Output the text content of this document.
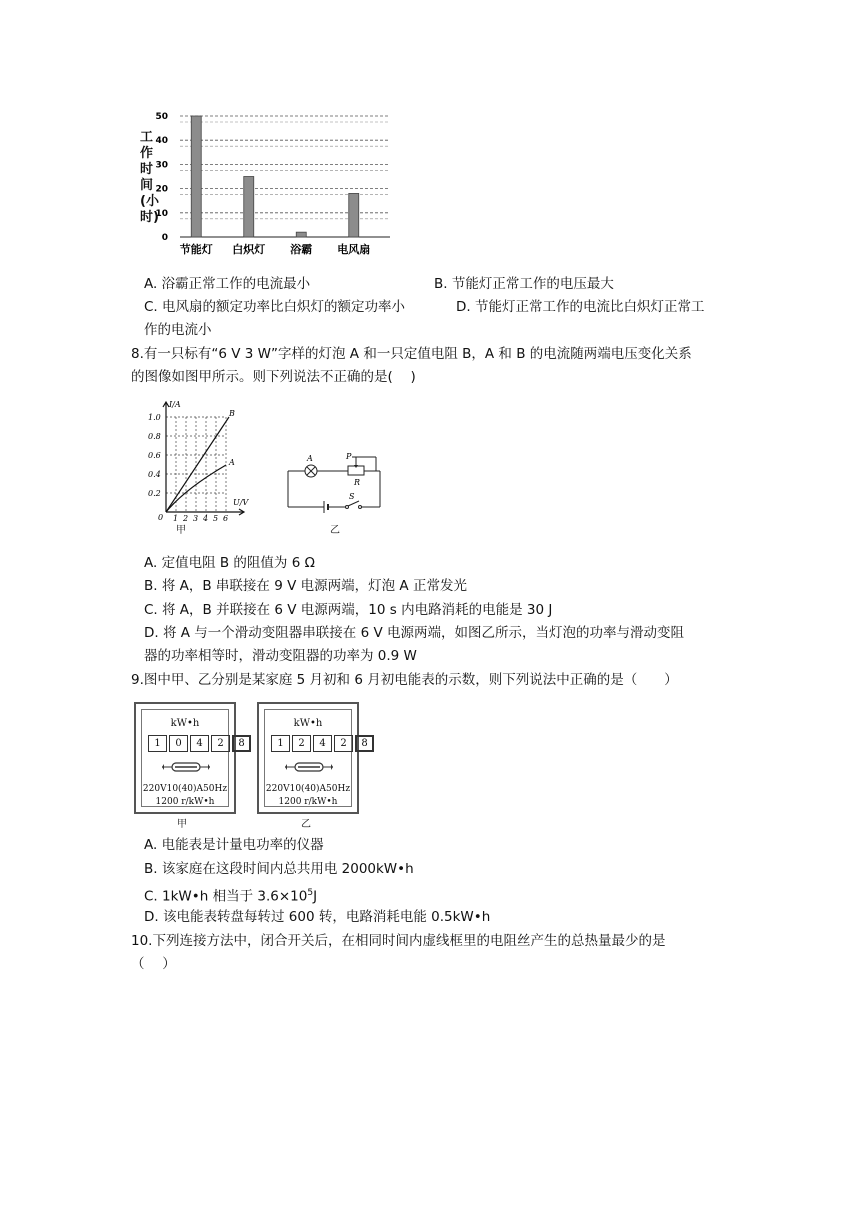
0
10
20
30
40
50
节能灯 白炽灯 浴霸 电风扇
工作时间(小时)
A. 浴霸正常工作的电流最小	B. 节能灯正常工作的电压最大
C. 电风扇的额定功率比白炽灯的额定功率小	D. 节能灯正常工作的电流比白炽灯正常工
作的电流小
8.有一只标有“6 V 3 W”字样的灯泡 A 和一只定值电阻 B，A 和 B 的电流随两端电压变化关系
的图像如图甲所示。则下列说法不正确的是(　 )
I/A
U/V
1.0
0.8
0.6
0.4
0.2
0 1 2 3 4 5 6
B
A
甲
A	P
R
S
乙
A. 定值电阻 B 的阻值为 6 Ω
B. 将 A，B 串联接在 9 V 电源两端，灯泡 A 正常发光
C. 将 A，B 并联接在 6 V 电源两端，10 s 内电路消耗的电能是 30 J
D. 将 A 与一个滑动变阻器串联接在 6 V 电源两端，如图乙所示，当灯泡的功率与滑动变阻
器的功率相等时，滑动变阻器的功率为 0.9 W
9.图中甲、乙分别是某家庭 5 月初和 6 月初电能表的示数，则下列说法中正确的是（　　）
kW•h
1	0	4	2	8
220V10(40)A50Hz
1200 r/kW•h
甲
kW•h
1	2	4	2	8
220V10(40)A50Hz
1200 r/kW•h
乙
A. 电能表是计量电功率的仪器
B. 该家庭在这段时间内总共用电 2000kW•h
C. 1kW•h 相当于 $3.6\times 10^5J$
D. 该电能表转盘每转过 600 转，电路消耗电能 0.5kW•h
10.下列连接方法中，闭合开关后，在相同时间内虚线框里的电阻丝产生的总热量最少的是
（　 ）
